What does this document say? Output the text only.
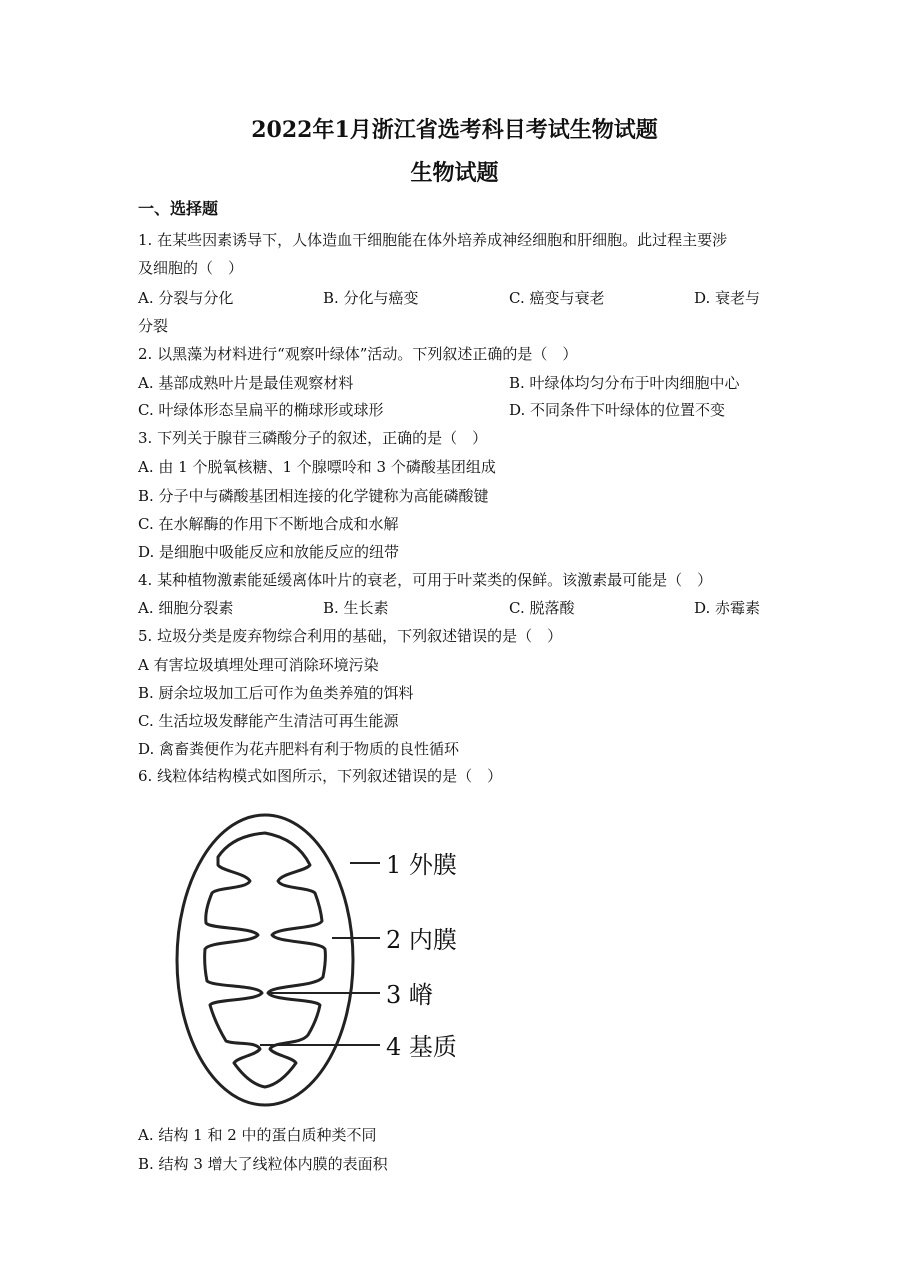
2022年1月浙江省选考科目考试生物试题
生物试题
一、选择题
1. 在某些因素诱导下，人体造血干细胞能在体外培养成神经细胞和肝细胞。此过程主要涉
及细胞的（　）
A. 分裂与分化	B. 分化与癌变	C. 癌变与衰老	D. 衰老与
分裂
2. 以黑藻为材料进行“观察叶绿体”活动。下列叙述正确的是（　）
A. 基部成熟叶片是最佳观察材料	B. 叶绿体均匀分布于叶肉细胞中心
C. 叶绿体形态呈扁平的椭球形或球形	D. 不同条件下叶绿体的位置不变
3. 下列关于腺苷三磷酸分子的叙述，正确的是（　）
A. 由 1 个脱氧核糖、1 个腺嘌呤和 3 个磷酸基团组成
B. 分子中与磷酸基团相连接的化学键称为高能磷酸键
C. 在水解酶的作用下不断地合成和水解
D. 是细胞中吸能反应和放能反应的纽带
4. 某种植物激素能延缓离体叶片的衰老，可用于叶菜类的保鲜。该激素最可能是（　）
A. 细胞分裂素	B. 生长素	C. 脱落酸	D. 赤霉素
5. 垃圾分类是废弃物综合利用的基础，下列叙述错误的是（　）
A 有害垃圾填埋处理可消除环境污染
B. 厨余垃圾加工后可作为鱼类养殖的饵料
C. 生活垃圾发酵能产生清洁可再生能源
D. 禽畜粪便作为花卉肥料有利于物质的良性循环
6. 线粒体结构模式如图所示，下列叙述错误的是（　）
1 外膜
2 内膜
3 嵴
4 基质
A. 结构 1 和 2 中的蛋白质种类不同
B. 结构 3 增大了线粒体内膜的表面积
